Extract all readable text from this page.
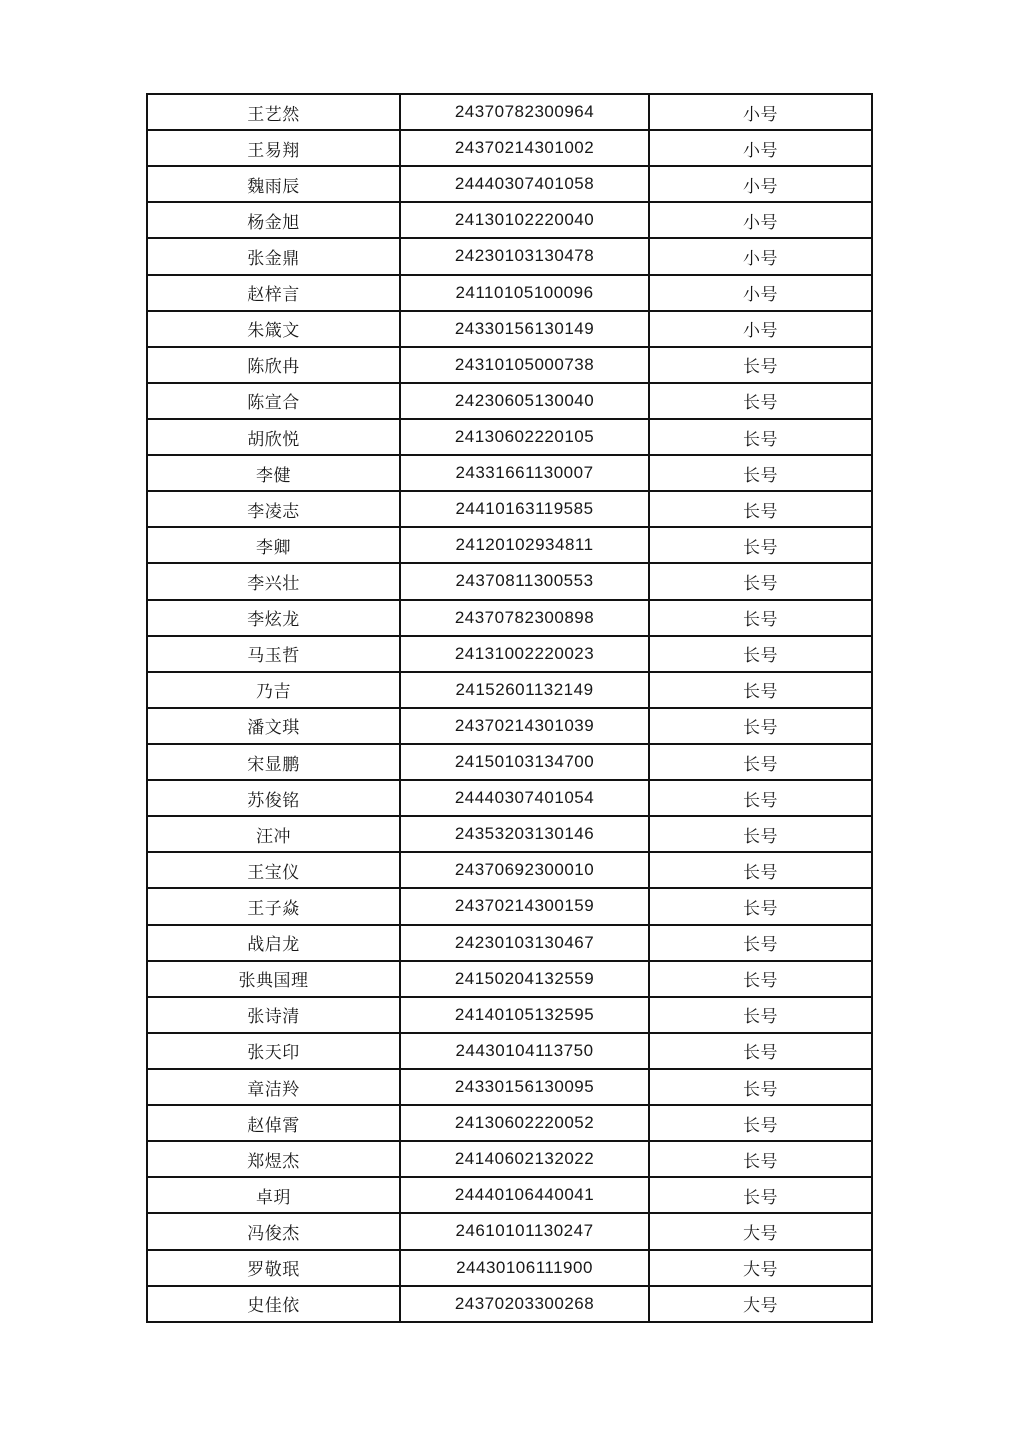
王艺然	24370782300964	小号
王易翔	24370214301002	小号
魏雨辰	24440307401058	小号
杨金旭	24130102220040	小号
张金鼎	24230103130478	小号
赵梓言	24110105100096	小号
朱箴文	24330156130149	小号
陈欣冉	24310105000738	长号
陈宣合	24230605130040	长号
胡欣悦	24130602220105	长号
李健	24331661130007	长号
李凌志	24410163119585	长号
李卿	24120102934811	长号
李兴壮	24370811300553	长号
李炫龙	24370782300898	长号
马玉哲	24131002220023	长号
乃吉	24152601132149	长号
潘文琪	24370214301039	长号
宋显鹏	24150103134700	长号
苏俊铭	24440307401054	长号
汪冲	24353203130146	长号
王宝仪	24370692300010	长号
王子焱	24370214300159	长号
战启龙	24230103130467	长号
张典国理	24150204132559	长号
张诗清	24140105132595	长号
张天印	24430104113750	长号
章洁羚	24330156130095	长号
赵倬霄	24130602220052	长号
郑煜杰	24140602132022	长号
卓玥	24440106440041	长号
冯俊杰	24610101130247	大号
罗敬珉	24430106111900	大号
史佳依	24370203300268	大号
